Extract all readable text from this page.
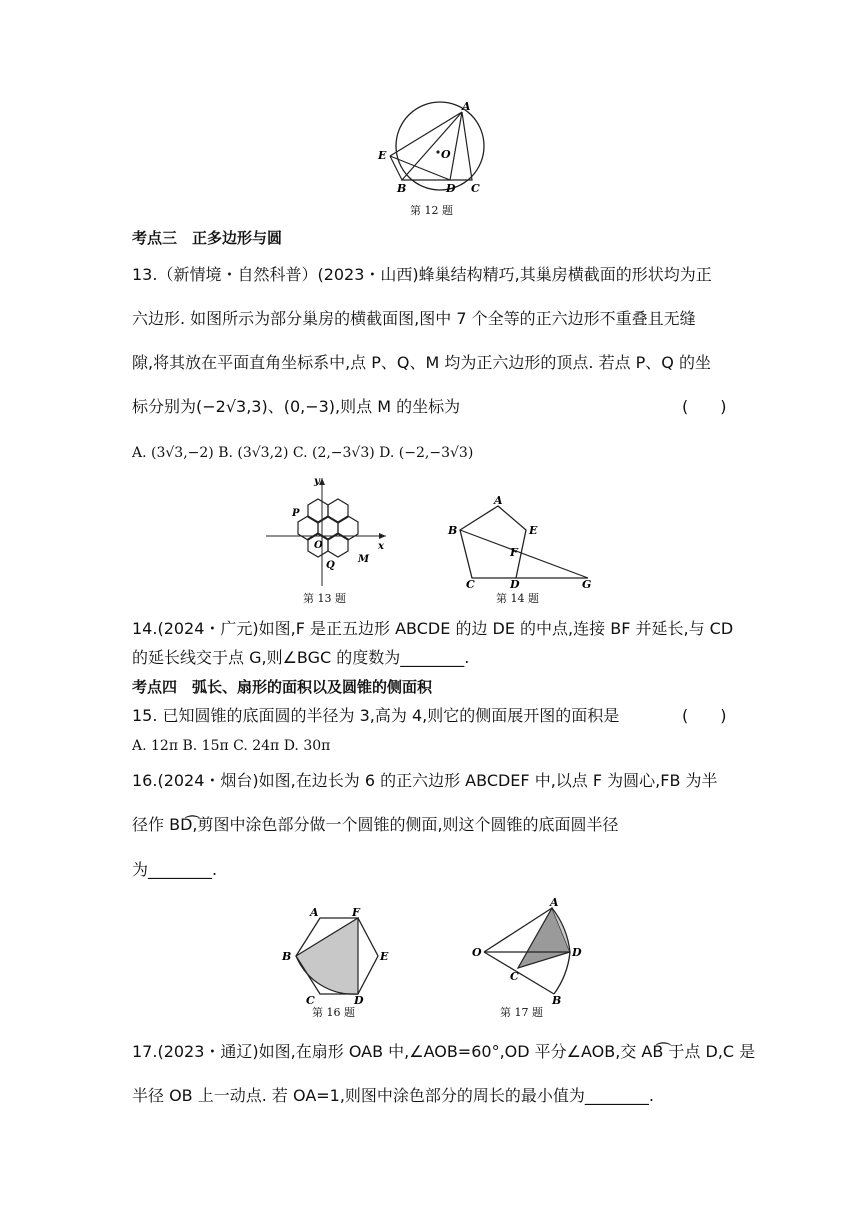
A
E	O
B	D C
第 12 题
考点三　正多边形与圆
13.（新情境・自然科普）(2023・山西)蜂巢结构精巧,其巢房横截面的形状均为正
六边形. 如图所示为部分巢房的横截面图,图中 7 个全等的正六边形不重叠且无缝
隙,将其放在平面直角坐标系中,点 P、Q、M 均为正六边形的顶点. 若点 P、Q 的坐
标分别为(−2√3,3)、(0,−3),则点 M 的坐标为	(　　)
A. (3√3,−2) B. (3√3,2) C. (2,−3√3) D. (−2,−3√3)
y
x
P
O
Q
M
第 13 题
A
B	E
F
C	D	G
第 14 题
14.(2024・广元)如图,F 是正五边形 ABCDE 的边 DE 的中点,连接 BF 并延长,与 CD
的延长线交于点 G,则∠BGC 的度数为________.
考点四　弧长、扇形的面积以及圆锥的侧面积
15. 已知圆锥的底面圆的半径为 3,高为 4,则它的侧面展开图的面积是	(　　)
A. 12π B. 15π C. 24π D. 30π
16.(2024・烟台)如图,在边长为 6 的正六边形 ABCDEF 中,以点 F 为圆心,FB 为半
径作 BD͡,剪图中涂色部分做一个圆锥的侧面,则这个圆锥的底面圆半径
为________.
A	F
B	E
C	D
第 16 题
A
O	D
C
B
第 17 题
17.(2023・通辽)如图,在扇形 OAB 中,∠AOB=60°,OD 平分∠AOB,交 AB͡ 于点 D,C 是
半径 OB 上一动点. 若 OA=1,则图中涂色部分的周长的最小值为________.
